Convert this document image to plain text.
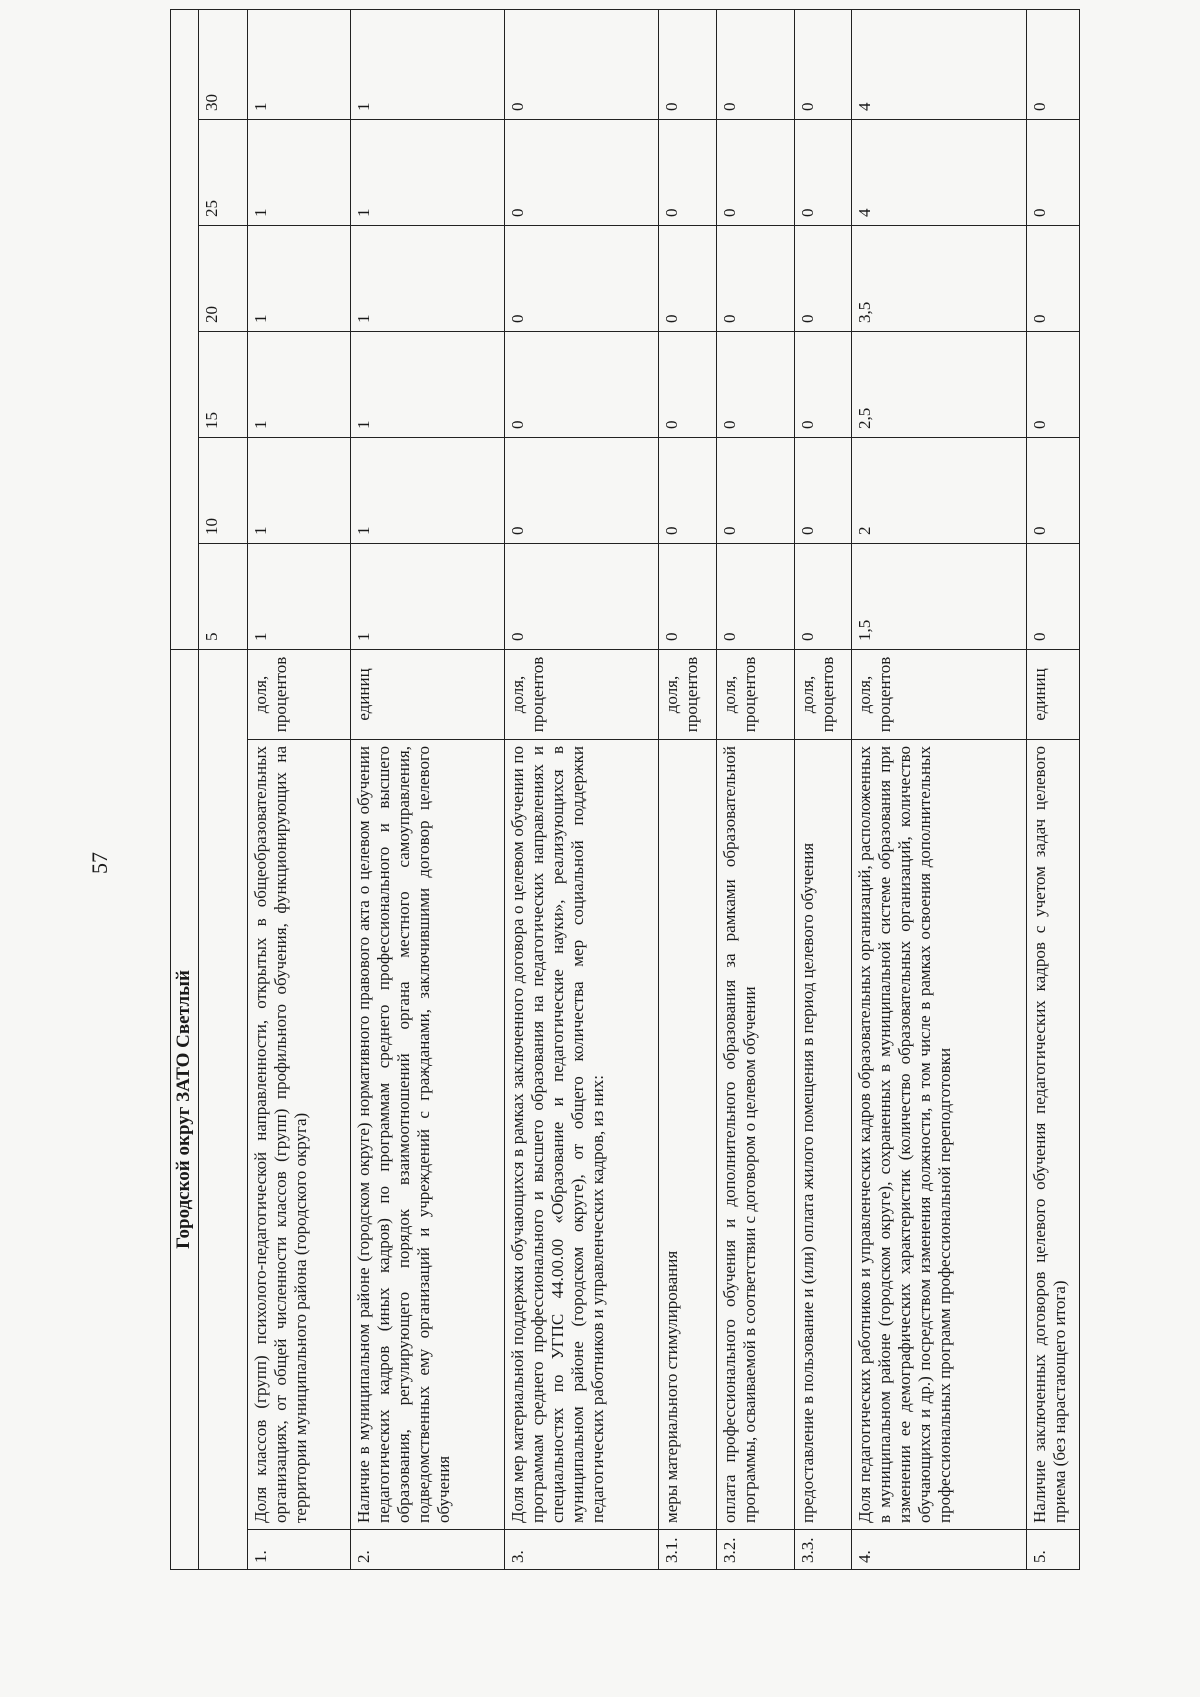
57
Городской округ ЗАТО Светлый								
			5	10	15	20	25	30
1.	Доля классов (групп) психолого-педагогической направленности, открытых в общеобразовательных организациях, от общей численности классов (групп) профильного обучения, функционирующих на территории муниципального района (городского округа)	доля, процентов	1	1	1	1	1	1
2.	Наличие в муниципальном районе (городском округе) нормативного правового акта о целевом обучении педагогических кадров (иных кадров) по программам среднего профессионального и высшего образования, регулирующего порядок взаимоотношений органа местного самоуправления, подведомственных ему организаций и учреждений с гражданами, заключившими договор целевого обучения	единиц	1	1	1	1	1	1
3.	Доля мер материальной поддержки обучающихся в рамках заключенного договора о целевом обучении по программам среднего профессионального и высшего образования на педагогических направлениях и специальностях по УГПС 44.00.00 «Образование и педагогические науки», реализующихся в муниципальном районе (городском округе), от общего количества мер социальной поддержки педагогических работников и управленческих кадров, из них:	доля, процентов	0	0	0	0	0	0
3.1.	меры материального стимулирования	доля, процентов	0	0	0	0	0	0
3.2.	оплата профессионального обучения и дополнительного образования за рамками образовательной программы, осваиваемой в соответствии с договором о целевом обучении	доля, процентов	0	0	0	0	0	0
3.3.	предоставление в пользование и (или) оплата жилого помещения в период целевого обучения	доля, процентов	0	0	0	0	0	0
4.	Доля педагогических работников и управленческих кадров образовательных организаций, расположенных в муниципальном районе (городском округе), сохраненных в муниципальной системе образования при изменении ее демографических характеристик (количество образовательных организаций, количество обучающихся и др.) посредством изменения должности, в том числе в рамках освоения дополнительных профессиональных программ профессиональной переподготовки	доля, процентов	1,5	2	2,5	3,5	4	4
5.	Наличие заключенных договоров целевого обучения педагогических кадров с учетом задач целевого приема (без нарастающего итога)	единиц	0	0	0	0	0	0
